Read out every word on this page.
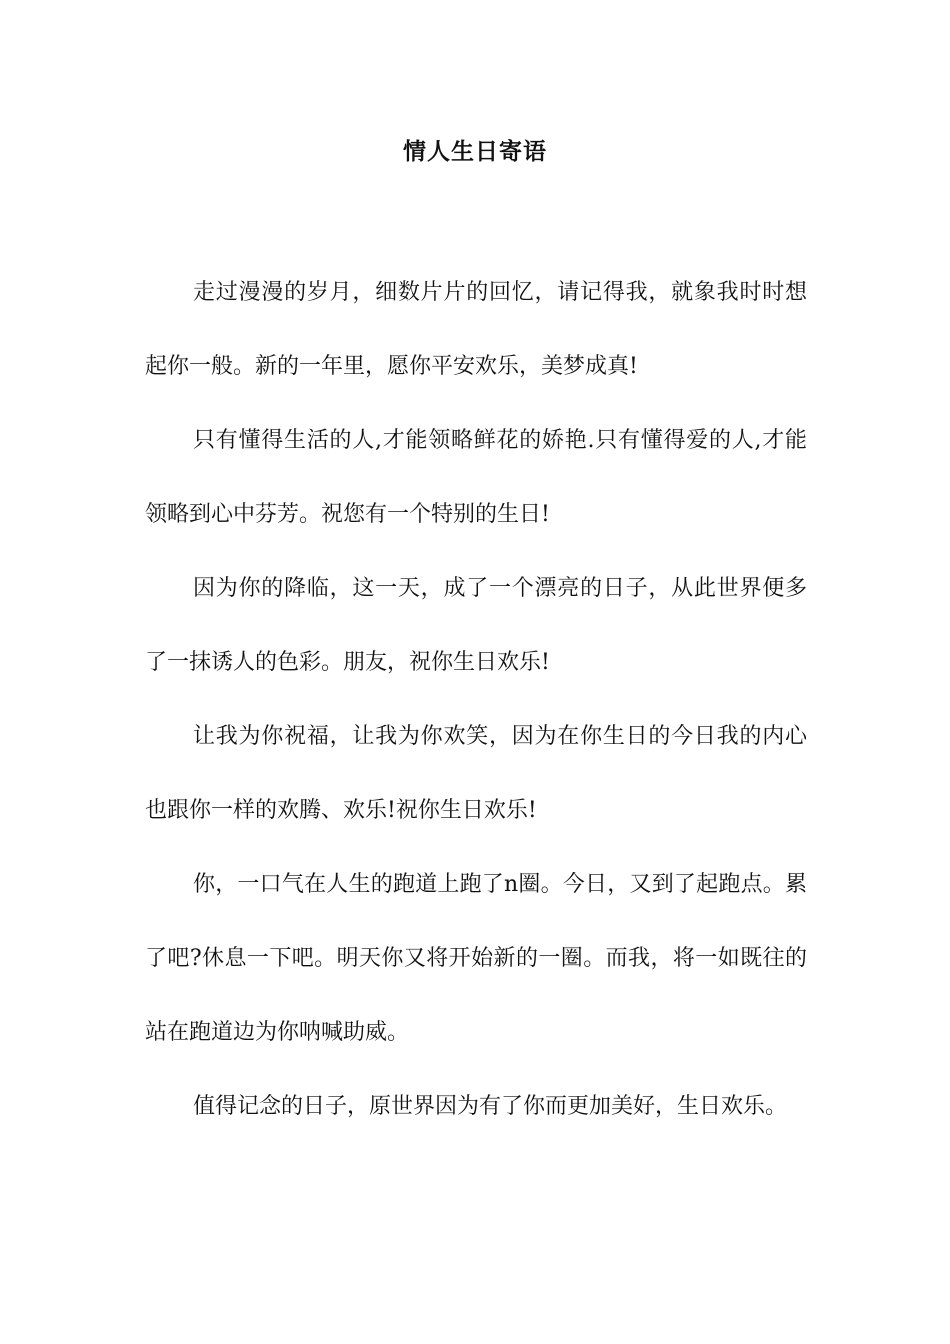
情人生日寄语

走过漫漫的岁月，细数片片的回忆，请记得我，就象我时时想起你一般。新的一年里，愿你平安欢乐，美梦成真!

只有懂得生活的人,才能领略鲜花的娇艳.只有懂得爱的人,才能领略到心中芬芳。祝您有一个特别的生日!

因为你的降临，这一天，成了一个漂亮的日子，从此世界便多了一抹诱人的色彩。朋友，祝你生日欢乐!

让我为你祝福，让我为你欢笑，因为在你生日的今日我的内心也跟你一样的欢腾、欢乐!祝你生日欢乐!

你，一口气在人生的跑道上跑了n圈。今日，又到了起跑点。累了吧?休息一下吧。明天你又将开始新的一圈。而我，将一如既往的站在跑道边为你呐喊助威。

值得记念的日子，原世界因为有了你而更加美好，生日欢乐。
